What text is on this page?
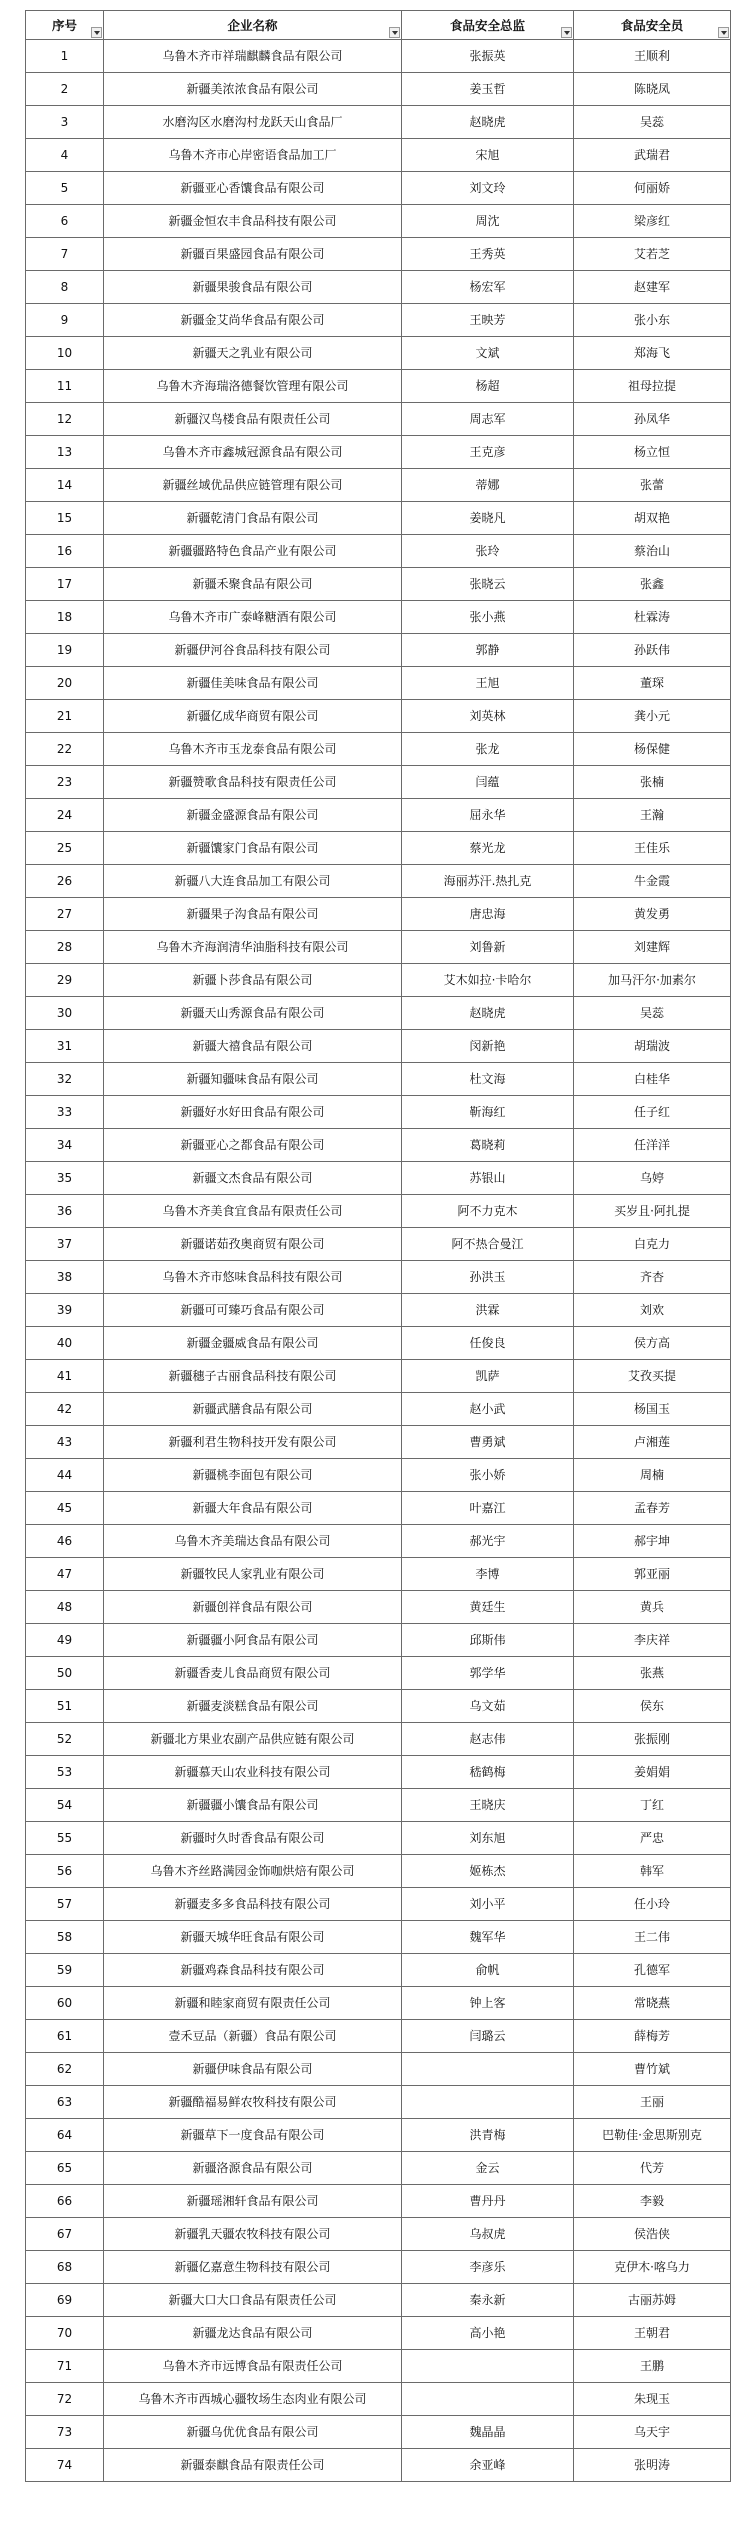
序号	企业名称	食品安全总监	食品安全员

1	乌鲁木齐市祥瑞麒麟食品有限公司	张振英	王顺利
2	新疆美浓浓食品有限公司	姜玉哲	陈晓凤
3	水磨沟区水磨沟村龙跃天山食品厂	赵晓虎	吴蕊
4	乌鲁木齐市心岸密语食品加工厂	宋旭	武瑞君
5	新疆亚心香馕食品有限公司	刘文玲	何丽娇
6	新疆金恒农丰食品科技有限公司	周沈	梁彦红
7	新疆百果盛园食品有限公司	王秀英	艾若芝
8	新疆果骏食品有限公司	杨宏军	赵建军
9	新疆金艾尚华食品有限公司	王映芳	张小东
10	新疆天之乳业有限公司	文斌	郑海飞
11	乌鲁木齐海瑞洛德餐饮管理有限公司	杨超	祖母拉提
12	新疆汉鸟楼食品有限责任公司	周志军	孙凤华
13	乌鲁木齐市鑫城冠源食品有限公司	王克彦	杨立恒
14	新疆丝域优品供应链管理有限公司	蒂娜	张蕾
15	新疆乾清门食品有限公司	姜晓凡	胡双艳
16	新疆疆路特色食品产业有限公司	张玲	蔡治山
17	新疆禾聚食品有限公司	张晓云	张鑫
18	乌鲁木齐市广泰峰糖酒有限公司	张小燕	杜霖涛
19	新疆伊河谷食品科技有限公司	郭静	孙跃伟
20	新疆佳美味食品有限公司	王旭	董琛
21	新疆亿成华商贸有限公司	刘英林	龚小元
22	乌鲁木齐市玉龙泰食品有限公司	张龙	杨保健
23	新疆赞歌食品科技有限责任公司	闫蕴	张楠
24	新疆金盛源食品有限公司	屈永华	王瀚
25	新疆馕家门食品有限公司	蔡光龙	王佳乐
26	新疆八大连食品加工有限公司	海丽苏汗.热扎克	牛金霞
27	新疆果子沟食品有限公司	唐忠海	黄发勇
28	乌鲁木齐海润清华油脂科技有限公司	刘鲁新	刘建辉
29	新疆卜莎食品有限公司	艾木如拉·卡哈尔	加马汗尔·加素尔
30	新疆天山秀源食品有限公司	赵晓虎	吴蕊
31	新疆大禧食品有限公司	闵新艳	胡瑞波
32	新疆知疆味食品有限公司	杜文海	白桂华
33	新疆好水好田食品有限公司	靳海红	任子红
34	新疆亚心之都食品有限公司	葛晓莉	任洋洋
35	新疆文杰食品有限公司	苏银山	乌婷
36	乌鲁木齐美食宜食品有限责任公司	阿不力克木	买岁且·阿扎提
37	新疆诺茹孜奥商贸有限公司	阿不热合曼江	白克力
38	乌鲁木齐市悠味食品科技有限公司	孙洪玉	齐杏
39	新疆可可臻巧食品有限公司	洪霖	刘欢
40	新疆金疆威食品有限公司	任俊良	侯方高
41	新疆穗子古丽食品科技有限公司	凯萨	艾孜买提
42	新疆武膳食品有限公司	赵小武	杨国玉
43	新疆利君生物科技开发有限公司	曹勇斌	卢湘莲
44	新疆桃李面包有限公司	张小娇	周楠
45	新疆大年食品有限公司	叶嘉江	孟春芳
46	乌鲁木齐美瑞达食品有限公司	郝光宇	郝宇坤
47	新疆牧民人家乳业有限公司	李博	郭亚丽
48	新疆创祥食品有限公司	黄廷生	黄兵
49	新疆疆小阿食品有限公司	邱斯伟	李庆祥
50	新疆香麦儿食品商贸有限公司	郭学华	张燕
51	新疆麦淡糕食品有限公司	乌文茹	侯东
52	新疆北方果业农副产品供应链有限公司	赵志伟	张振刚
53	新疆慕天山农业科技有限公司	嵇鹤梅	姜娟娟
54	新疆疆小馕食品有限公司	王晓庆	丁红
55	新疆时久时香食品有限公司	刘东旭	严忠
56	乌鲁木齐丝路满园金饰咖烘焙有限公司	姬栋杰	韩军
57	新疆麦多多食品科技有限公司	刘小平	任小玲
58	新疆天城华旺食品有限公司	魏军华	王二伟
59	新疆鸡森食品科技有限公司	俞帆	孔德军
60	新疆和睦家商贸有限责任公司	钟上客	常晓燕
61	壹禾豆品（新疆）食品有限公司	闫璐云	薛梅芳
62	新疆伊味食品有限公司		曹竹斌
63	新疆酷福易鲜农牧科技有限公司		王丽
64	新疆草下一度食品有限公司	洪青梅	巴勒佳·金思斯别克
65	新疆洛源食品有限公司	金云	代芳
66	新疆瑶湘轩食品有限公司	曹丹丹	李毅
67	新疆乳天疆农牧科技有限公司	乌叔虎	侯浩侠
68	新疆亿嘉意生物科技有限公司	李彦乐	克伊木·喀乌力
69	新疆大口大口食品有限责任公司	秦永新	古丽苏姆
70	新疆龙达食品有限公司	高小艳	王朝君
71	乌鲁木齐市远博食品有限责任公司		王鹏
72	乌鲁木齐市西城心疆牧场生态肉业有限公司		朱现玉
73	新疆乌优优食品有限公司	魏晶晶	乌天宇
74	新疆泰麒食品有限责任公司	余亚峰	张明涛
